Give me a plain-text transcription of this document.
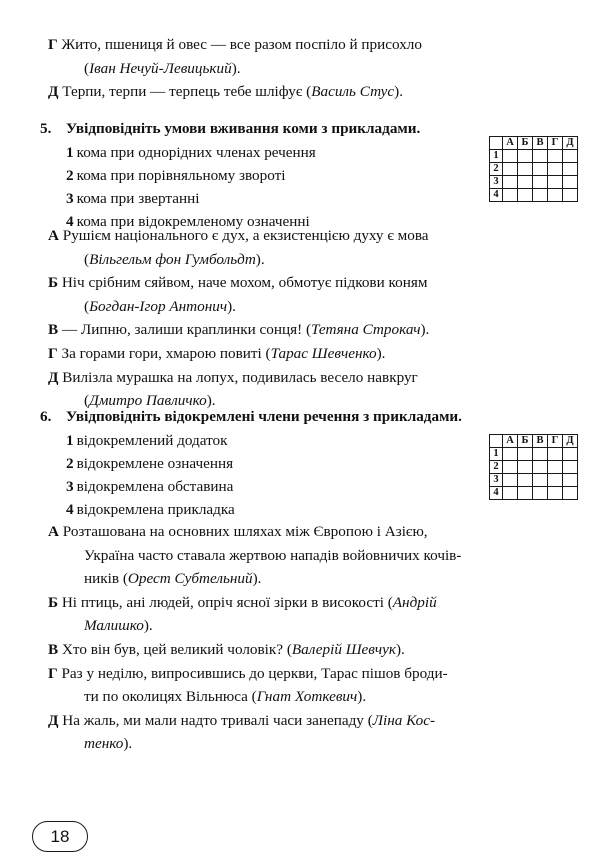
Г Жито, пшениця й овес — все разом поспіло й присохло

(Іван Нечуй-Левицький).

Д Терпи, терпи — терпець тебе шліфує (Василь Стус).

5. Увідповідніть умови вживання коми з прикладами.

1 кома при однорідних членах речення
2 кома при порівняльному звороті
3 кома при звертанні
4 кома при відокремленому означенні
	А	Б	В	Г	Д
1					
2					
3					
4					

А Рушієм національного є дух, а екзистенцією духу є мова

(Вільгельм фон Гумбольдт).

Б Ніч срібним сяйвом, наче мохом, обмотує підкови коням

(Богдан-Ігор Антонич).

В — Липню, залиши краплинки сонця! (Тетяна Строкач).

Г За горами гори, хмарою повиті (Тарас Шевченко).

Д Вилізла мурашка на лопух, подивилась весело навкруг

(Дмитро Павличко).

6. Увідповідніть відокремлені члени речення з прикладами.

1 відокремлений додаток
2 відокремлене означення
3 відокремлена обставина
4 відокремлена прикладка
	А	Б	В	Г	Д
1					
2					
3					
4					

А Розташована на основних шляхах між Європою і Азією,

Україна часто ставала жертвою нападів войовничих кочів-

ників (Орест Субтельний).

Б Ні птиць, ані людей, опріч ясної зірки в високості (Андрій

Малишко).

В Хто він був, цей великий чоловік? (Валерій Шевчук).

Г Раз у неділю, випросившись до церкви, Тарас пішов броди-

ти по околицях Вільнюса (Гнат Хоткевич).

Д На жаль, ми мали надто тривалі часи занепаду (Ліна Кос-

тенко).

18
